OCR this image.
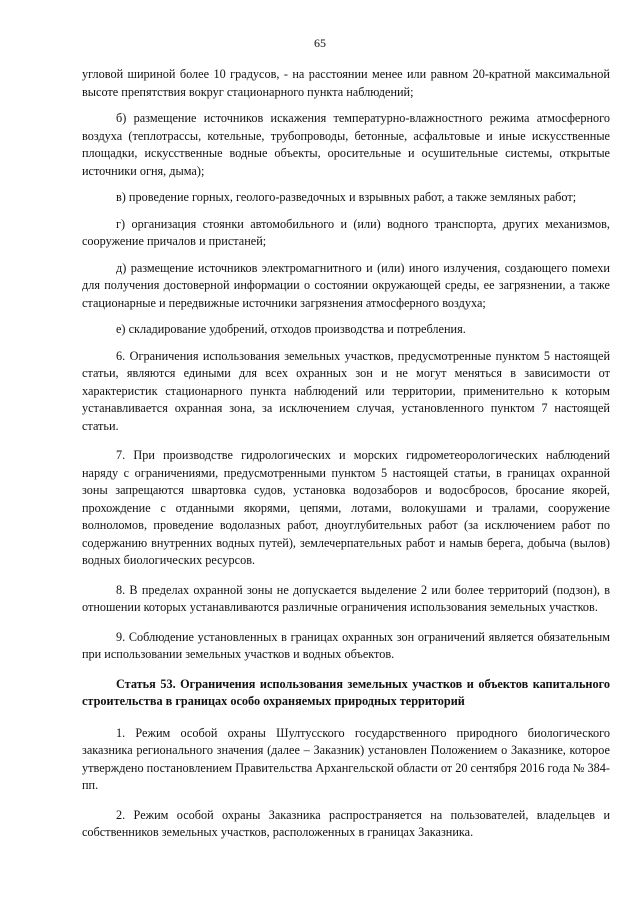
65

угловой шириной более 10 градусов, - на расстоянии менее или равном 20-кратной максимальной высоте препятствия вокруг стационарного пункта наблюдений;

б) размещение источников искажения температурно-влажностного режима атмосферного воздуха (теплотрассы, котельные, трубопроводы, бетонные, асфальтовые и иные искусственные площадки, искусственные водные объекты, оросительные и осушительные системы, открытые источники огня, дыма);

в) проведение горных, геолого-разведочных и взрывных работ, а также земляных работ;

г) организация стоянки автомобильного и (или) водного транспорта, других механизмов, сооружение причалов и пристаней;

д) размещение источников электромагнитного и (или) иного излучения, создающего помехи для получения достоверной информации о состоянии окружающей среды, ее загрязнении, а также стационарные и передвижные источники загрязнения атмосферного воздуха;

е) складирование удобрений, отходов производства и потребления.

6. Ограничения использования земельных участков, предусмотренные пунктом 5 настоящей статьи, являются едиными для всех охранных зон и не могут меняться в зависимости от характеристик стационарного пункта наблюдений или территории, применительно к которым устанавливается охранная зона, за исключением случая, установленного пунктом 7 настоящей статьи.

7. При производстве гидрологических и морских гидрометеорологических наблюдений наряду с ограничениями, предусмотренными пунктом 5 настоящей статьи, в границах охранной зоны запрещаются швартовка судов, установка водозаборов и водосбросов, бросание якорей, прохождение с отданными якорями, цепями, лотами, волокушами и тралами, сооружение волноломов, проведение водолазных работ, дноуглубительных работ (за исключением работ по содержанию внутренних водных путей), землечерпательных работ и намыв берега, добыча (вылов) водных биологических ресурсов.

8. В пределах охранной зоны не допускается выделение 2 или более территорий (подзон), в отношении которых устанавливаются различные ограничения использования земельных участков.

9. Соблюдение установленных в границах охранных зон ограничений является обязательным при использовании земельных участков и водных объектов.

Статья 53. Ограничения использования земельных участков и объектов капитального строительства в границах особо охраняемых природных территорий

1. Режим особой охраны Шултусского государственного природного биологического заказника регионального значения (далее – Заказник) установлен Положением о Заказнике, которое утверждено постановлением Правительства Архангельской области от 20 сентября 2016 года № 384-пп.

2. Режим особой охраны Заказника распространяется на пользователей, владельцев и собственников земельных участков, расположенных в границах Заказника.
